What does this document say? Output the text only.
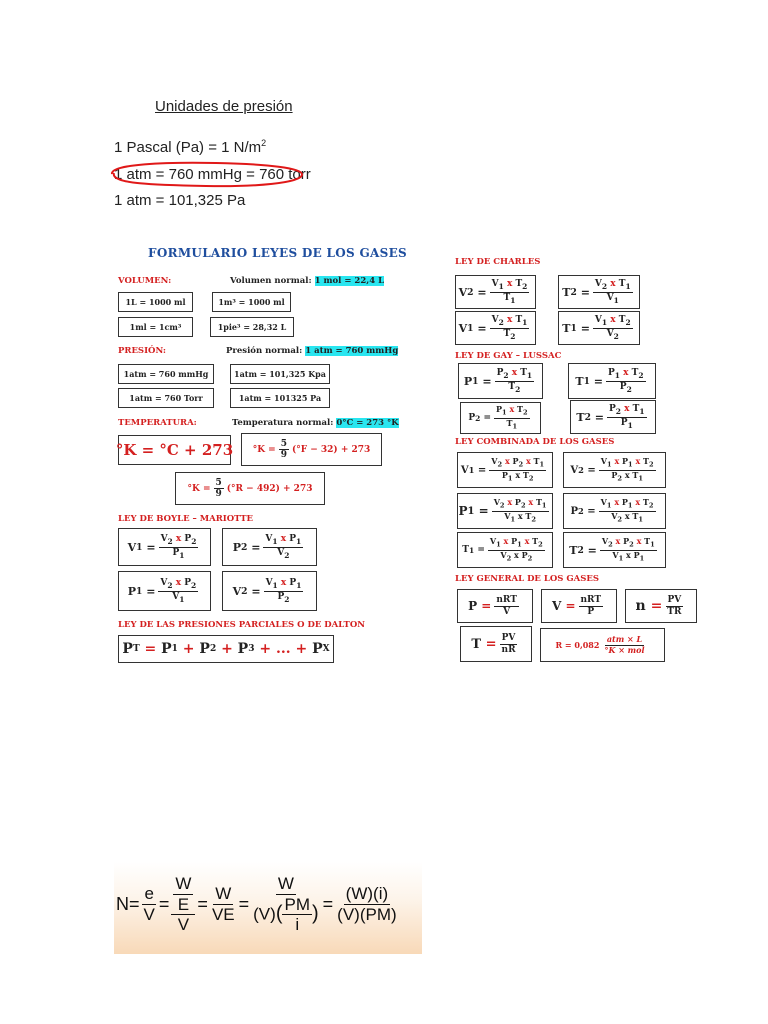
Unidades de presión
1 Pascal (Pa) = 1 $N/m^2$
1 atm = 760 mmHg = 760 torr
1 atm = 101,325 Pa
FORMULARIO LEYES DE LOS GASES
VOLUMEN:	Volumen normal: 1 mol = 22,4 L
1L = 1000 ml	1m³ = 1000 ml
1ml = 1cm³	1pie³ = 28,32 L
PRESIÓN:	Presión normal: 1 atm = 760 mmHg
1atm = 760 mmHg	1atm = 101,325 Kpa
1atm = 760 Torr	1atm = 101325 Pa
TEMPERATURA:	Temperatura normal: 0°C = 273 °K
°K = °C + 273 $^\circ K = \frac{5}{9} (^\circ F - 32) + 273$
$^\circ K = \frac{5}{9} (^\circ R - 492) + 273$
LEY DE BOYLE – MARIOTTE
V $1 = \frac{V_2 x P_2}{P_1}$	P $2 = \frac{V_1 x P_1}{V_2}$
P $1 = \frac{V_2 x P_2}{V_1}$	V $2 = \frac{V_1 x P_1}{P_2}$
LEY DE LAS PRESIONES PARCIALES O DE DALTON
P T
= P 1
+ P 2
+ P 3
+ ... + P X
LEY DE CHARLES
V $2 = \frac{V_1 x T_2}{T_1}$	T $2 = \frac{V_2 x T_1}{V_1}$
V $1 = \frac{V_2 x T_1}{T_2}$	T $1 = \frac{V_1 x T_2}{V_2}$
LEY DE GAY – LUSSAC
P $1 = \frac{P_2 x T_1}{T_2}$	T $1 = \frac{P_1 x T_2}{P_2}$
P $2 = \frac{P_1 x T_2}{T_1}$	T $2 = \frac{P_2 x T_1}{P_1}$
LEY COMBINADA DE LOS GASES
V $1 = \frac{V_2 x P_2 x T_1}{P_1 x T_2}$	V $2 = \frac{V_1 x P_1 x T_2}{P_2 x T_1}$
P $1 = \frac{V_2 x P_2 x T_1}{V_1 x T_2}$	P $2 = \frac{V_1 x P_1 x T_2}{V_2 x T_1}$
T $1 = \frac{V_1 x P_1 x T_2}{V_2 x P_2}$	T $2 = \frac{V_2 x P_2 x T_1}{V_1 x P_1}$
LEY GENERAL DE LOS GASES
$P = \frac{\text{nRT}}{V}$	$V = \frac{\text{nRT}}{P}$	$n = \frac{PV}{TR}$
$T = \frac{PV}{nR}$	$R = 0,082 \frac{\text{atm × L}}{\text{°K × mol}}$
$N= \frac{e}{V} = \frac{\frac{W}{E}}{V} = \frac{W}{VE} = \frac{W}{(V)( \frac{PM}{i} )} = \frac{(W)(i)}{(V)(PM)}$
